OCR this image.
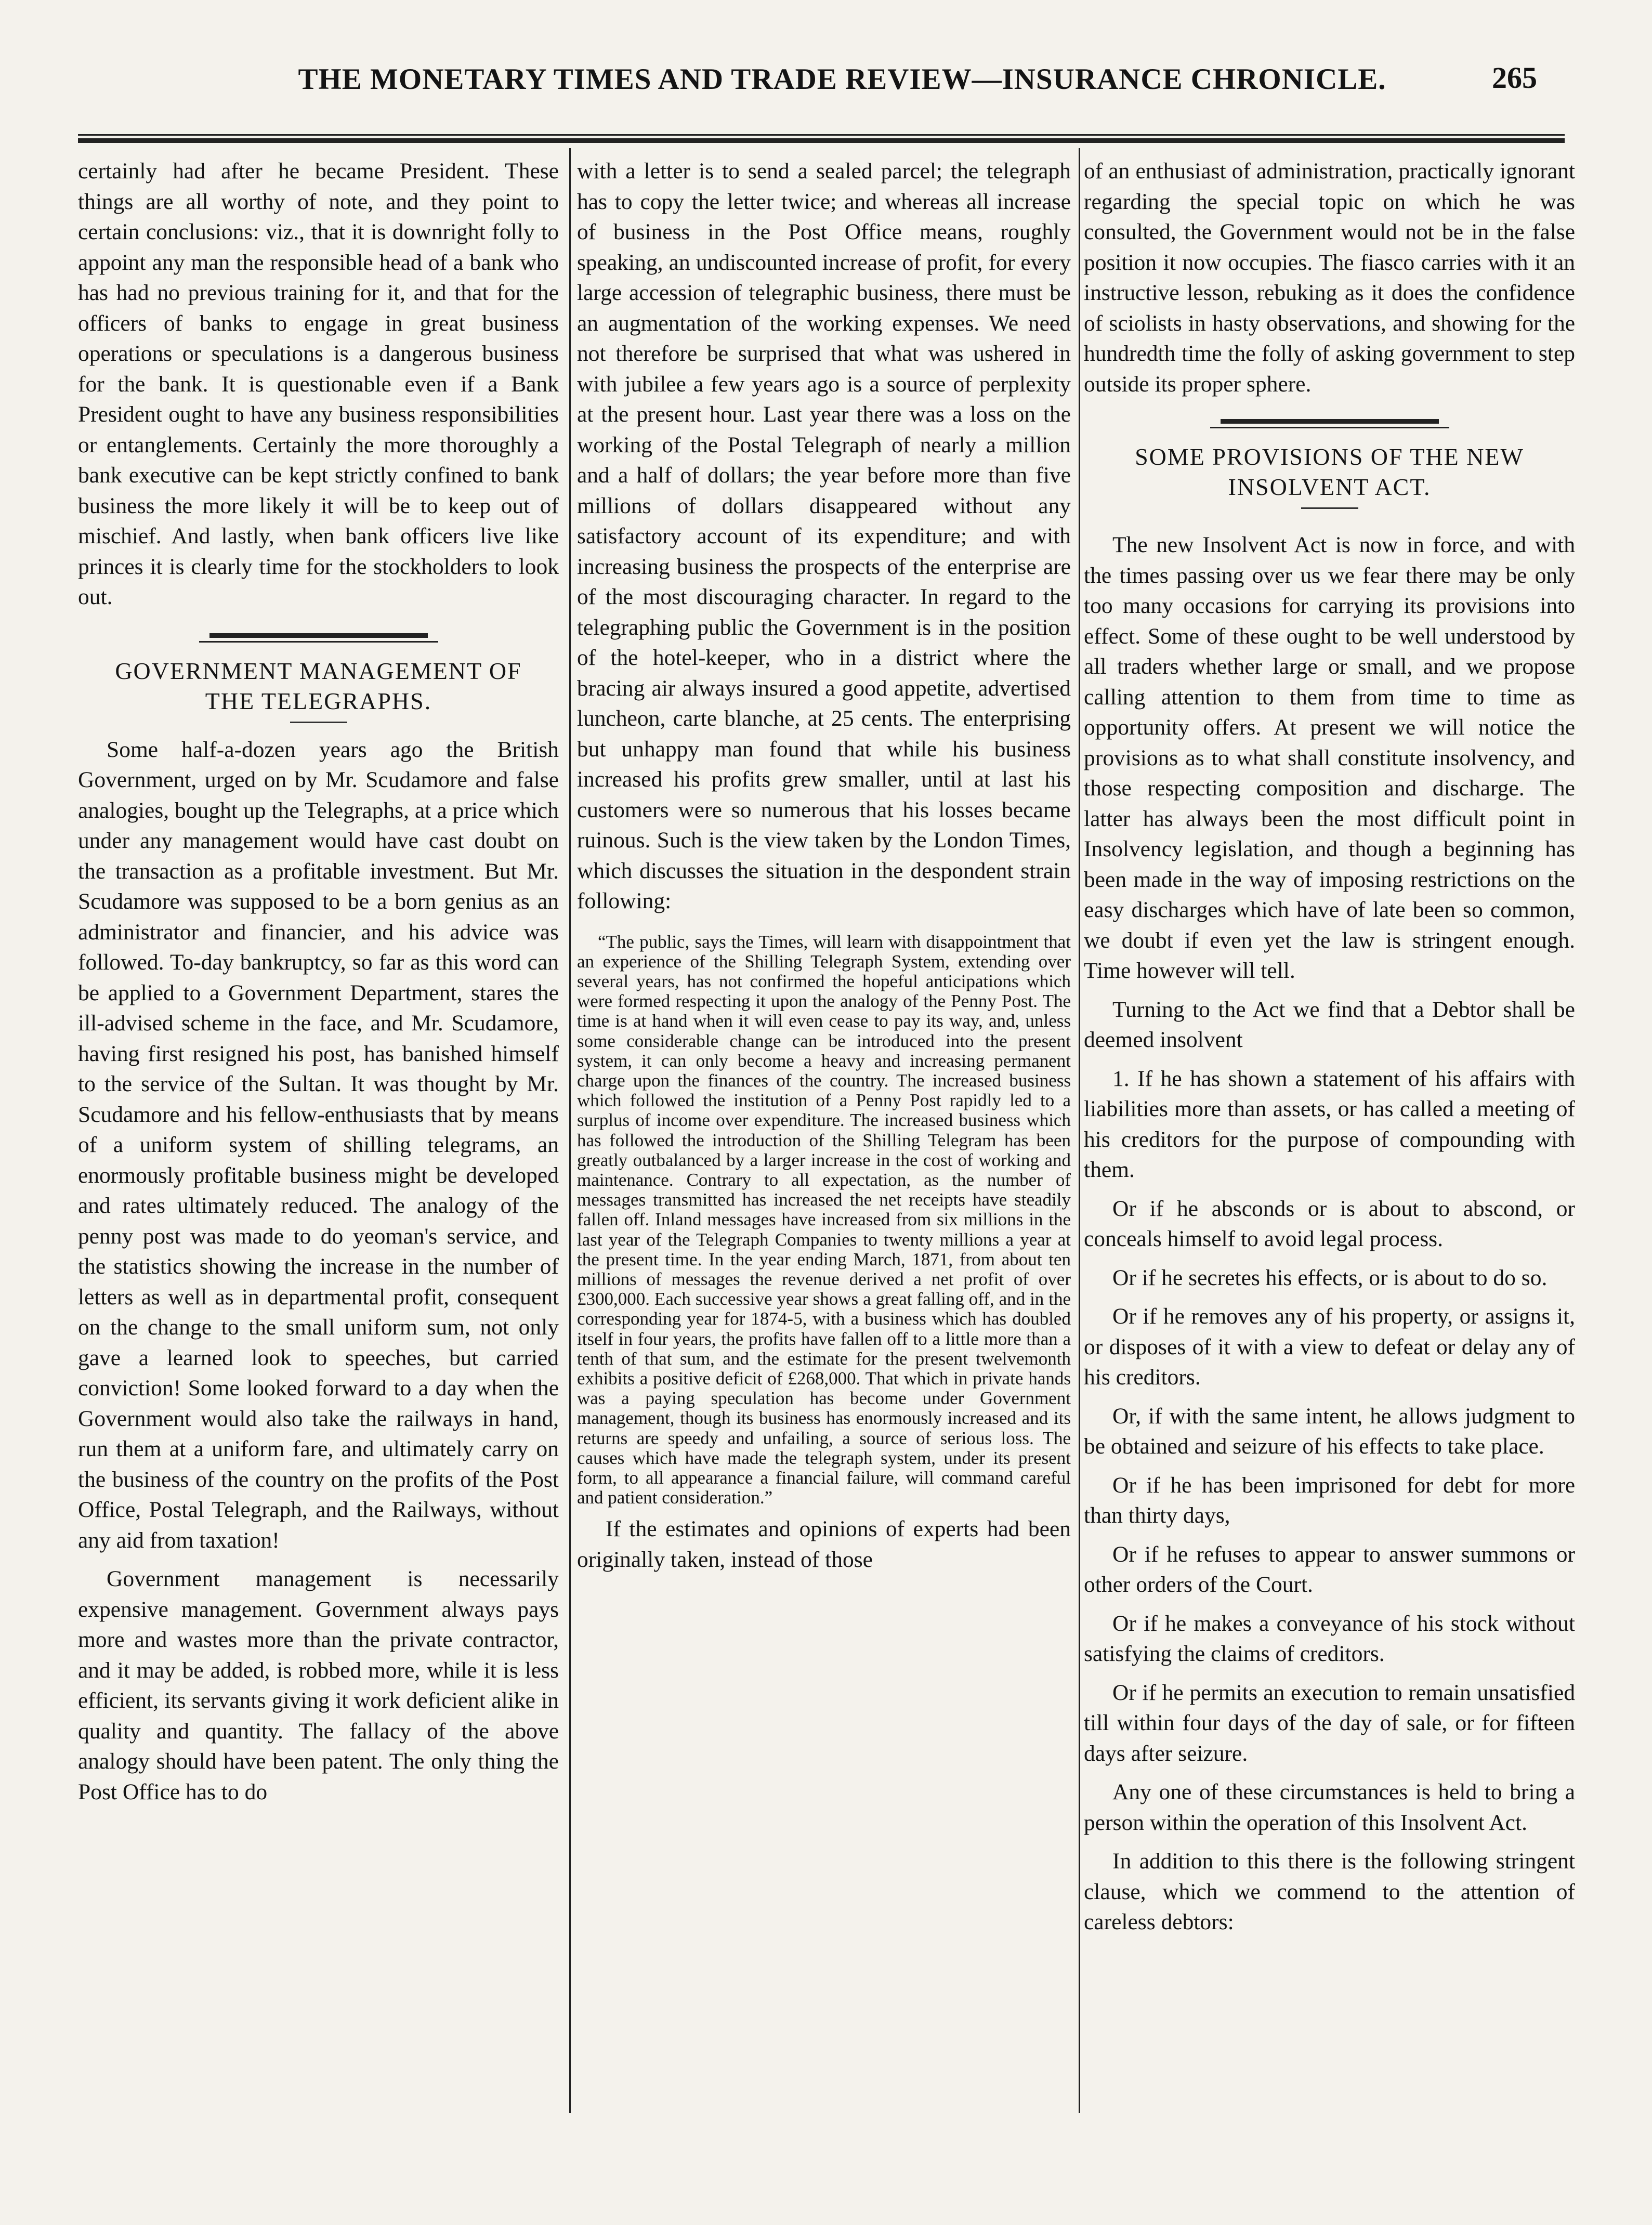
THE MONETARY TIMES AND TRADE REVIEW—INSURANCE CHRONICLE.	265

certainly had after he became President. These things are all worthy of note, and they point to certain conclusions: viz., that it is downright folly to appoint any man the responsible head of a bank who has had no previous training for it, and that for the officers of banks to engage in great business operations or speculations is a dangerous business for the bank. It is questionable even if a Bank President ought to have any business responsibilities or entanglements. Certainly the more thoroughly a bank executive can be kept strictly confined to bank business the more likely it will be to keep out of mischief. And lastly, when bank officers live like princes it is clearly time for the stockholders to look out.

GOVERNMENT MANAGEMENT OF
THE TELEGRAPHS.

Some half-a-dozen years ago the British Government, urged on by Mr. Scudamore and false analogies, bought up the Telegraphs, at a price which under any management would have cast doubt on the transaction as a profitable investment. But Mr. Scudamore was supposed to be a born genius as an administrator and financier, and his advice was followed. To-day bankruptcy, so far as this word can be applied to a Government Department, stares the ill-advised scheme in the face, and Mr. Scudamore, having first resigned his post, has banished himself to the service of the Sultan. It was thought by Mr. Scudamore and his fellow-enthusiasts that by means of a uniform system of shilling telegrams, an enormously profitable business might be developed and rates ultimately reduced. The analogy of the penny post was made to do yeoman's service, and the statistics showing the increase in the number of letters as well as in departmental profit, consequent on the change to the small uniform sum, not only gave a learned look to speeches, but carried conviction! Some looked forward to a day when the Government would also take the railways in hand, run them at a uniform fare, and ultimately carry on the business of the country on the profits of the Post Office, Postal Telegraph, and the Railways, without any aid from taxation!

Government management is necessarily expensive management. Government always pays more and wastes more than the private contractor, and it may be added, is robbed more, while it is less efficient, its servants giving it work deficient alike in quality and quantity. The fallacy of the above analogy should have been patent. The only thing the Post Office has to do

with a letter is to send a sealed parcel; the telegraph has to copy the letter twice; and whereas all increase of business in the Post Office means, roughly speaking, an undiscounted increase of profit, for every large accession of telegraphic business, there must be an augmentation of the working expenses. We need not therefore be surprised that what was ushered in with jubilee a few years ago is a source of perplexity at the present hour. Last year there was a loss on the working of the Postal Telegraph of nearly a million and a half of dollars; the year before more than five millions of dollars disappeared without any satisfactory account of its expenditure; and with increasing business the prospects of the enterprise are of the most discouraging character. In regard to the telegraphing public the Government is in the position of the hotel-keeper, who in a district where the bracing air always insured a good appetite, advertised luncheon, carte blanche, at 25 cents. The enterprising but unhappy man found that while his business increased his profits grew smaller, until at last his customers were so numerous that his losses became ruinous. Such is the view taken by the London Times, which discusses the situation in the despondent strain following:

“The public, says the Times, will learn with disappointment that an experience of the Shilling Telegraph System, extending over several years, has not confirmed the hopeful anticipations which were formed respecting it upon the analogy of the Penny Post. The time is at hand when it will even cease to pay its way, and, unless some considerable change can be introduced into the present system, it can only become a heavy and increasing permanent charge upon the finances of the country. The increased business which followed the institution of a Penny Post rapidly led to a surplus of income over expenditure. The increased business which has followed the introduction of the Shilling Telegram has been greatly outbalanced by a larger increase in the cost of working and maintenance. Contrary to all expectation, as the number of messages transmitted has increased the net receipts have steadily fallen off. Inland messages have increased from six millions in the last year of the Telegraph Companies to twenty millions a year at the present time. In the year ending March, 1871, from about ten millions of messages the revenue derived a net profit of over £300,000. Each successive year shows a great falling off, and in the corresponding year for 1874-5, with a business which has doubled itself in four years, the profits have fallen off to a little more than a tenth of that sum, and the estimate for the present twelvemonth exhibits a positive deficit of £268,000. That which in private hands was a paying speculation has become under Government management, though its business has enormously increased and its returns are speedy and unfailing, a source of serious loss. The causes which have made the telegraph system, under its present form, to all appearance a financial failure, will command careful and patient consideration.”

If the estimates and opinions of experts had been originally taken, instead of those

of an enthusiast of administration, practically ignorant regarding the special topic on which he was consulted, the Government would not be in the false position it now occupies. The fiasco carries with it an instructive lesson, rebuking as it does the confidence of sciolists in hasty observations, and showing for the hundredth time the folly of asking government to step outside its proper sphere.

SOME PROVISIONS OF THE NEW
INSOLVENT ACT.

The new Insolvent Act is now in force, and with the times passing over us we fear there may be only too many occasions for carrying its provisions into effect. Some of these ought to be well understood by all traders whether large or small, and we propose calling attention to them from time to time as opportunity offers. At present we will notice the provisions as to what shall constitute insolvency, and those respecting composition and discharge. The latter has always been the most difficult point in Insolvency legislation, and though a beginning has been made in the way of imposing restrictions on the easy discharges which have of late been so common, we doubt if even yet the law is stringent enough. Time however will tell.

Turning to the Act we find that a Debtor shall be deemed insolvent

1. If he has shown a statement of his affairs with liabilities more than assets, or has called a meeting of his creditors for the purpose of compounding with them.

Or if he absconds or is about to abscond, or conceals himself to avoid legal process.

Or if he secretes his effects, or is about to do so.

Or if he removes any of his property, or assigns it, or disposes of it with a view to defeat or delay any of his creditors.

Or, if with the same intent, he allows judgment to be obtained and seizure of his effects to take place.

Or if he has been imprisoned for debt for more than thirty days,

Or if he refuses to appear to answer summons or other orders of the Court.

Or if he makes a conveyance of his stock without satisfying the claims of creditors.

Or if he permits an execution to remain unsatisfied till within four days of the day of sale, or for fifteen days after seizure.

Any one of these circumstances is held to bring a person within the operation of this Insolvent Act.

In addition to this there is the following stringent clause, which we commend to the attention of careless debtors:
